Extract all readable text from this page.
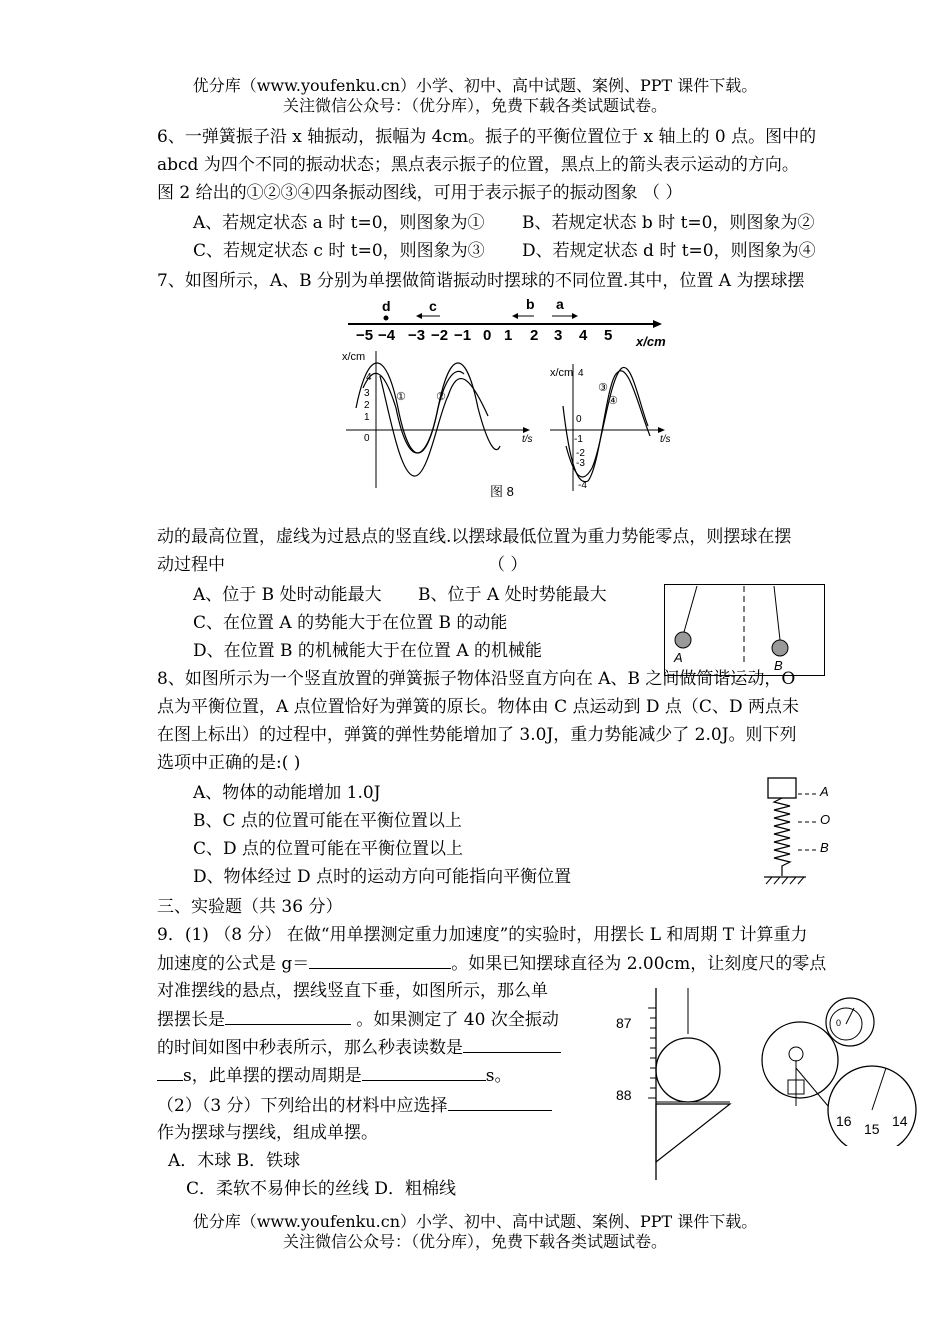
优分库（www.youfenku.cn）小学、初中、高中试题、案例、PPT 课件下载。
关注微信公众号：（优分库），免费下载各类试题试卷。
6、一弹簧振子沿 x 轴振动，振幅为 4cm。振子的平衡位置位于 x 轴上的 0 点。图中的
abcd 为四个不同的振动状态；黑点表示振子的位置，黑点上的箭头表示运动的方向。
图 2 给出的①②③④四条振动图线，可用于表示振子的振动图象 （ ）
A、若规定状态 a 时 t=0，则图象为① B、若规定状态 b 时 t=0，则图象为②
C、若规定状态 c 时 t=0，则图象为③ D、若规定状态 d 时 t=0，则图象为④
7、如图所示，A、B 分别为单摆做简谐振动时摆球的不同位置.其中，位置 A 为摆球摆
−5 −4 −3 −2 −1 0 1 2 3 4 5 x/cm
d	c	b a
x/cm
t/s
4
3
2
1
0
①	②
x/cm
t/s
4
0
-1
-2
-3
-4
③
④
图 8
动的最高位置，虚线为过悬点的竖直线.以摆球最低位置为重力势能零点，则摆球在摆
动过程中	（ ）
A、位于 B 处时动能最大 B、位于 A 处时势能最大
C、在位置 A 的势能大于在位置 B 的动能
D、在位置 B 的机械能大于在位置 A 的机械能	A
B
8、如图所示为一个竖直放置的弹簧振子物体沿竖直方向在 A、B 之间做简谐运动，O
点为平衡位置，A 点位置恰好为弹簧的原长。物体由 C 点运动到 D 点（C、D 两点未
在图上标出）的过程中，弹簧的弹性势能增加了 3.0J，重力势能减少了 2.0J。则下列
选项中正确的是:( )
A、物体的动能增加 1.0J
B、C 点的位置可能在平衡位置以上
C、D 点的位置可能在平衡位置以上
D、物体经过 D 点时的运动方向可能指向平衡位置
A
O
B
三、实验题（共 36 分）
9．(1) （8 分） 在做“用单摆测定重力加速度”的实验时，用摆长 L 和周期 T 计算重力
加速度的公式是 g＝	。如果已知摆球直径为 2.00cm，让刻度尺的零点
对准摆线的悬点，摆线竖直下垂，如图所示，那么单
摆摆长是	。如果测定了 40 次全振动
的时间如图中秒表所示，那么秒表读数是
s，此单摆的摆动周期是	s。
（2）（3 分）下列给出的材料中应选择
作为摆球与摆线，组成单摆。
A．木球 B．铁球
C．柔软不易伸长的丝线 D．粗棉线
87
88
0
16 15 14
优分库（www.youfenku.cn）小学、初中、高中试题、案例、PPT 课件下载。
关注微信公众号：（优分库），免费下载各类试题试卷。
